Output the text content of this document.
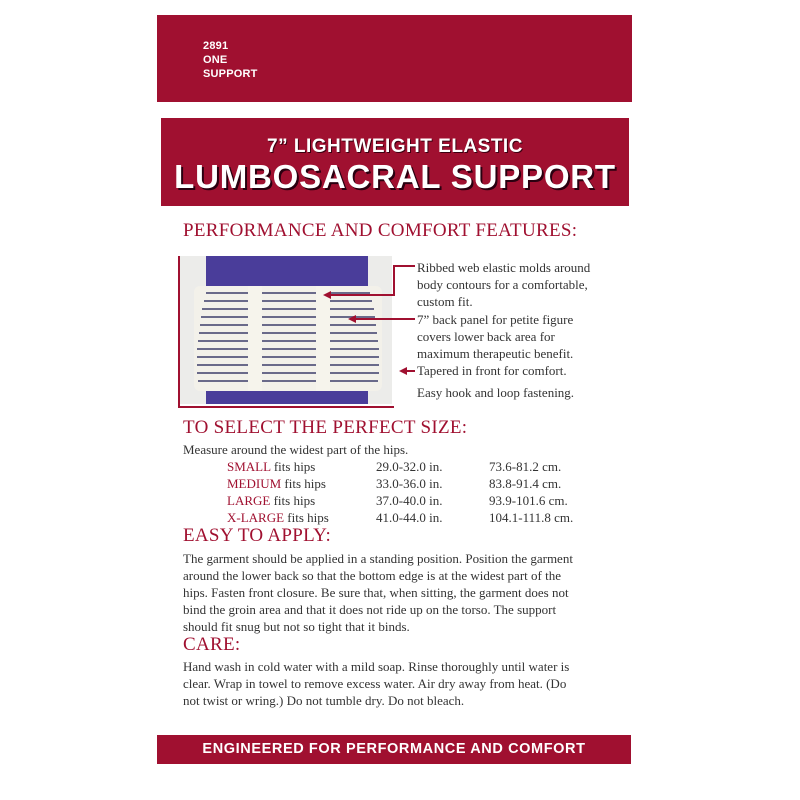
2891
ONE
SUPPORT
7” LIGHTWEIGHT ELASTIC
LUMBOSACRAL SUPPORT
PERFORMANCE AND COMFORT FEATURES:
Ribbed web elastic molds around
body contours for a comfortable,
custom fit.
7” back panel for petite figure
covers lower back area for
maximum therapeutic benefit.
Tapered in front for comfort.
Easy hook and loop fastening.
TO SELECT THE PERFECT SIZE:
Measure around the widest part of the hips.
SMALL fits hips	29.0-32.0 in.	73.6-81.2 cm.
MEDIUM fits hips	33.0-36.0 in.	83.8-91.4 cm.
LARGE fits hips	37.0-40.0 in.	93.9-101.6 cm.
X-LARGE fits hips	41.0-44.0 in.	104.1-111.8 cm.
EASY TO APPLY:
The garment should be applied in a standing position. Position the garment
around the lower back so that the bottom edge is at the widest part of the
hips. Fasten front closure. Be sure that, when sitting, the garment does not
bind the groin area and that it does not ride up on the torso. The support
should fit snug but not so tight that it binds.
CARE:
Hand wash in cold water with a mild soap. Rinse thoroughly until water is
clear. Wrap in towel to remove excess water. Air dry away from heat. (Do
not twist or wring.) Do not tumble dry. Do not bleach.
ENGINEERED FOR PERFORMANCE AND COMFORT
